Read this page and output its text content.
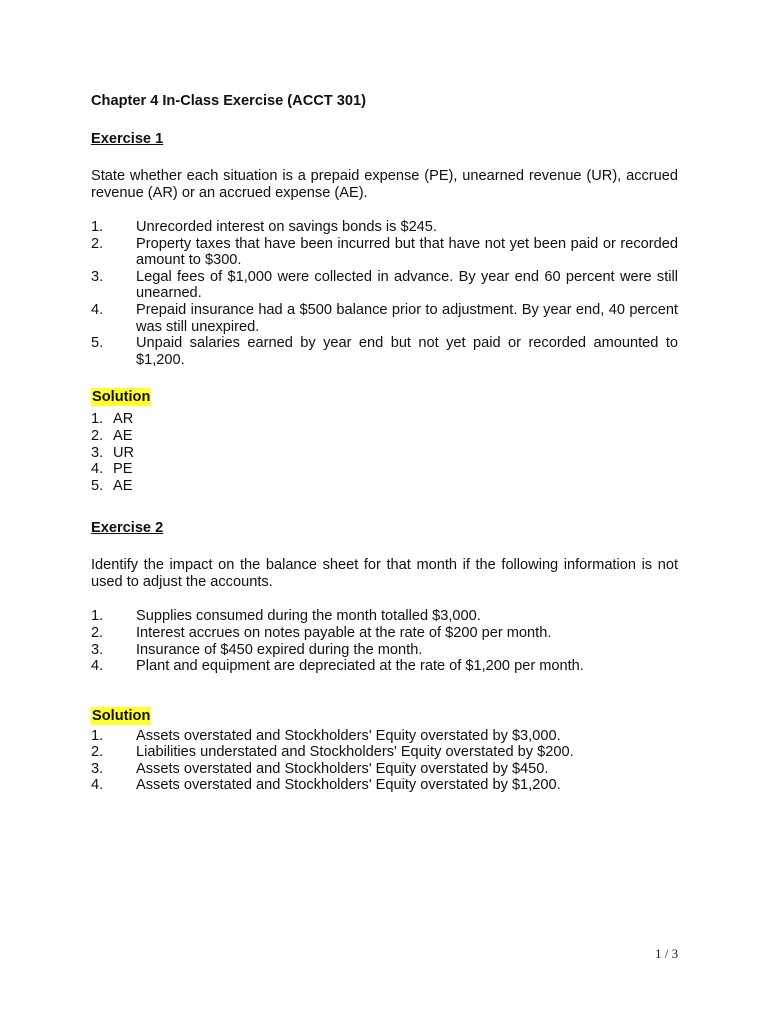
Chapter 4 In-Class Exercise (ACCT 301)

Exercise 1

State whether each situation is a prepaid expense (PE), unearned revenue (UR), accrued revenue (AR) or an accrued expense (AE).

1.	Unrecorded interest on savings bonds is $245.
2.	Property taxes that have been incurred but that have not yet been paid or recorded amount to $300.
3.	Legal fees of $1,000 were collected in advance. By year end 60 percent were still unearned.
4.	Prepaid insurance had a $500 balance prior to adjustment. By year end, 40 percent was still unexpired.
5.	Unpaid salaries earned by year end but not yet paid or recorded amounted to $1,200.
Solution
1. AR
2. AE
3. UR
4. PE
5. AE

Exercise 2

Identify the impact on the balance sheet for that month if the following information is not used to adjust the accounts.

1.	Supplies consumed during the month totalled $3,000.
2.	Interest accrues on notes payable at the rate of $200 per month.
3.	Insurance of $450 expired during the month.
4.	Plant and equipment are depreciated at the rate of $1,200 per month.
Solution
1.	Assets overstated and Stockholders' Equity overstated by $3,000.
2.	Liabilities understated and Stockholders' Equity overstated by $200.
3.	Assets overstated and Stockholders' Equity overstated by $450.
4.	Assets overstated and Stockholders' Equity overstated by $1,200.
1 / 3
